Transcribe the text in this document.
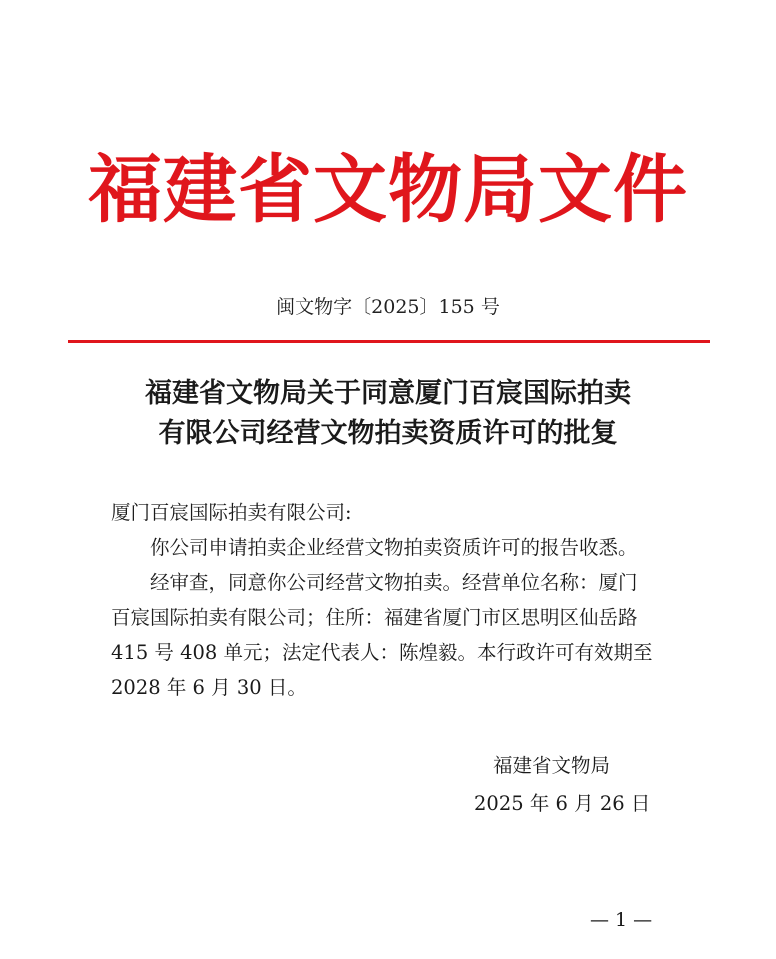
福建省文物局文件
闽文物字〔2025〕155 号
福建省文物局关于同意厦门百宸国际拍卖
有限公司经营文物拍卖资质许可的批复

厦门百宸国际拍卖有限公司:

你公司申请拍卖企业经营文物拍卖资质许可的报告收悉。

经审查，同意你公司经营文物拍卖。经营单位名称：厦门

百宸国际拍卖有限公司；住所：福建省厦门市区思明区仙岳路

415 号 408 单元；法定代表人：陈煌毅。本行政许可有效期至

2028 年 6 月 30 日。

福建省文物局
2025 年 6 月 26 日
— 1 —
